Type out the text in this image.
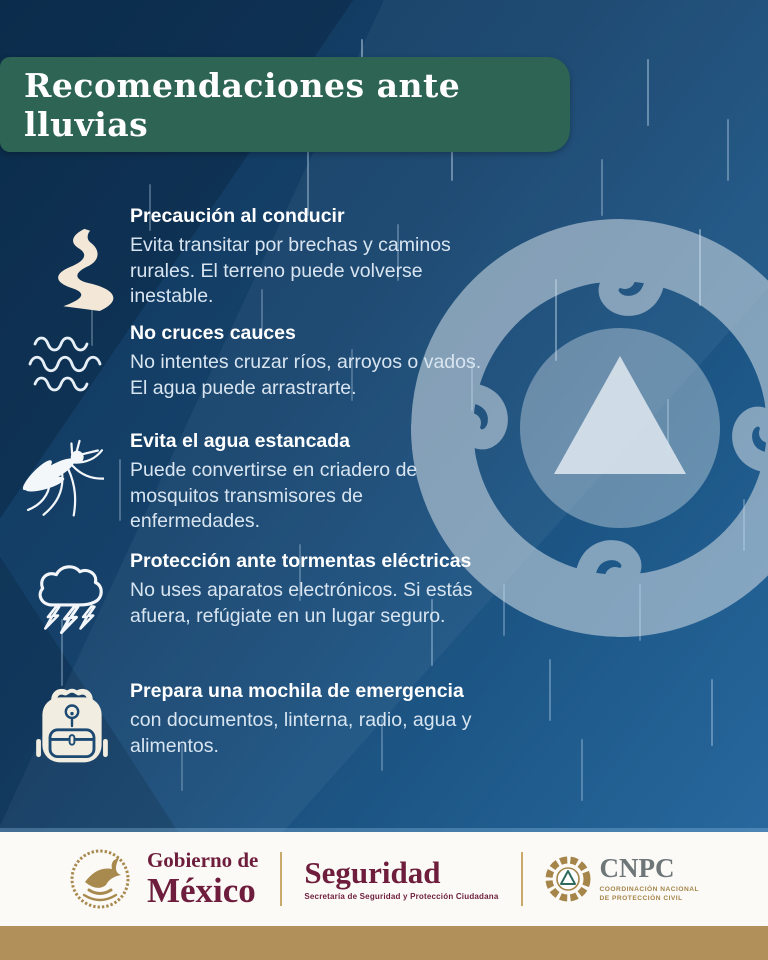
Recomendaciones ante lluvias
Precaución al conducir

Evita transitar por brechas y caminos rurales. El terreno puede volverse inestable.

No cruces cauces

No intentes cruzar ríos, arroyos o vados. El agua puede arrastrarte.

Evita el agua estancada

Puede convertirse en criadero de mosquitos transmisores de enfermedades.

Protección ante tormentas eléctricas

No uses aparatos electrónicos. Si estás afuera, refúgiate en un lugar seguro.

Prepara una mochila de emergencia

con documentos, linterna, radio, agua y alimentos.

Gobierno de
México Seguridad
Secretaría de Seguridad y Protección Ciudadana
CNPC
COORDINACIÓN NACIONAL
DE PROTECCIÓN CIVIL
